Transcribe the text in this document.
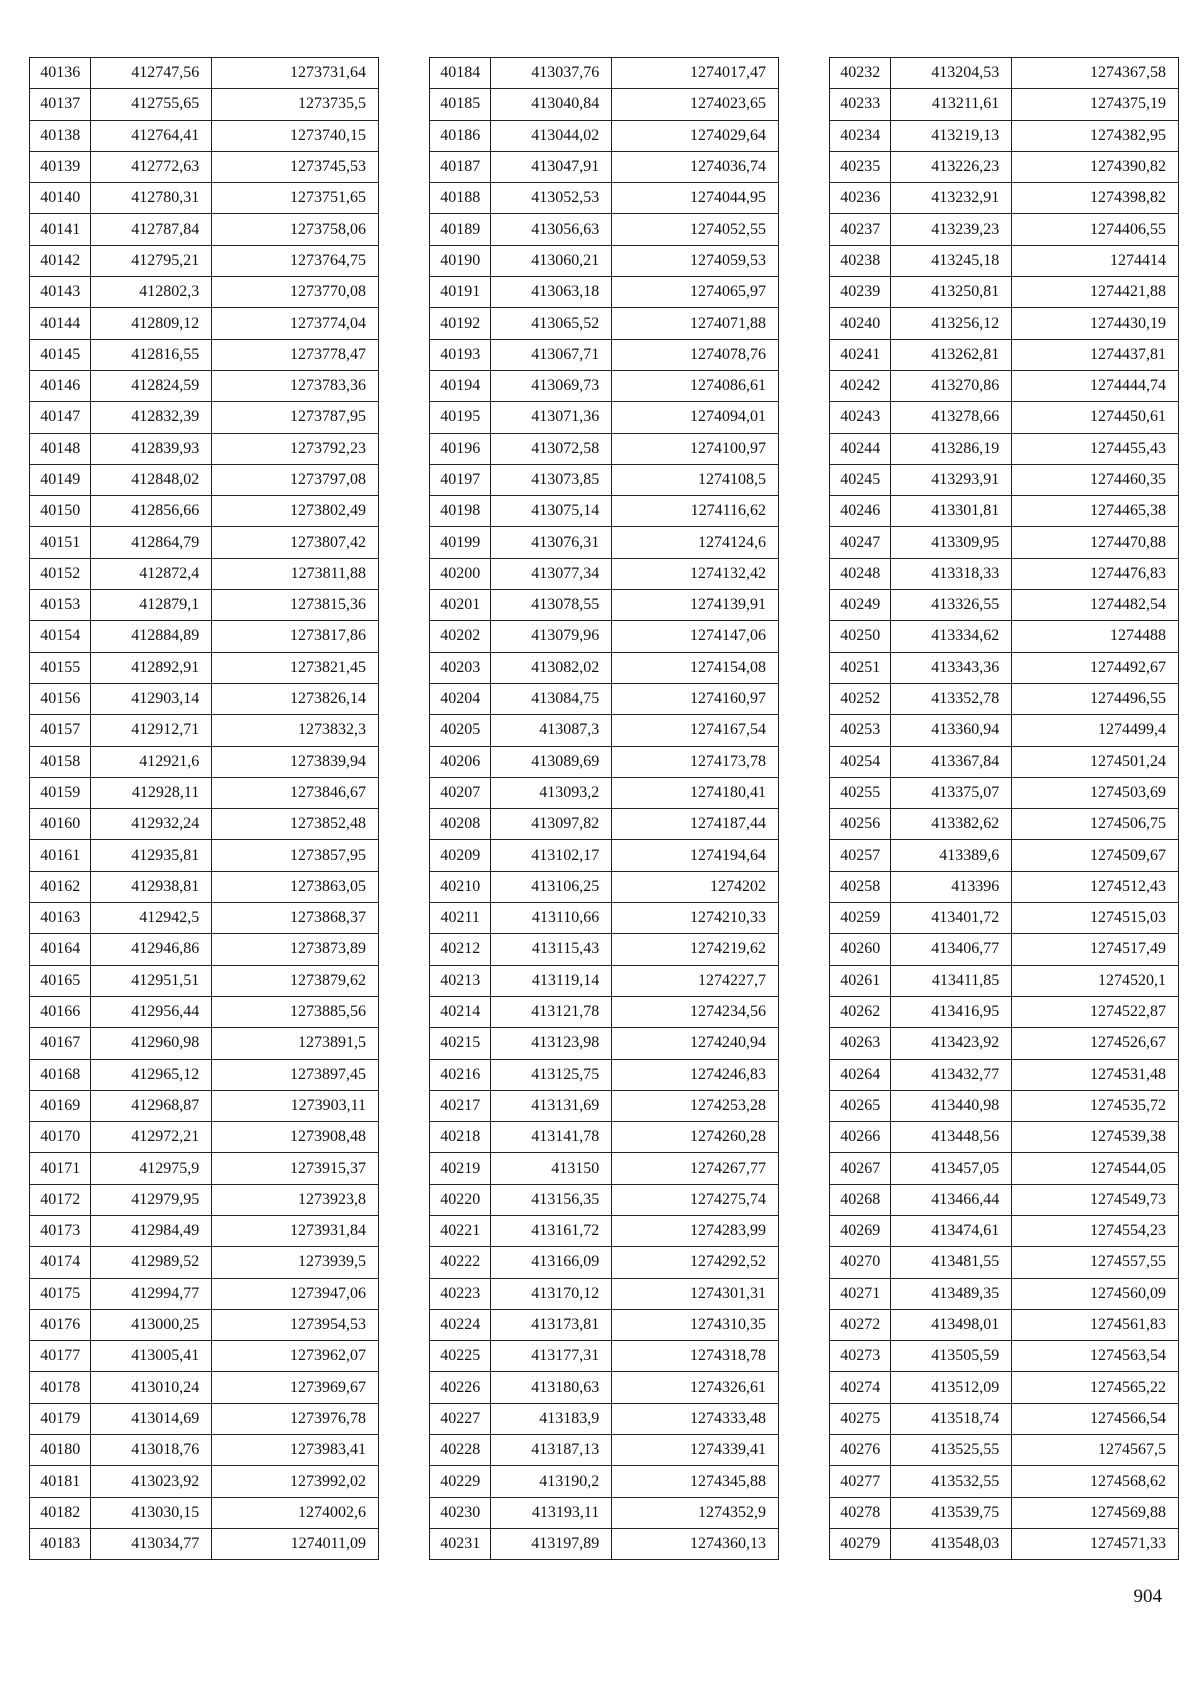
40136	412747,56	1273731,64
40137	412755,65	1273735,5
40138	412764,41	1273740,15
40139	412772,63	1273745,53
40140	412780,31	1273751,65
40141	412787,84	1273758,06
40142	412795,21	1273764,75
40143	412802,3	1273770,08
40144	412809,12	1273774,04
40145	412816,55	1273778,47
40146	412824,59	1273783,36
40147	412832,39	1273787,95
40148	412839,93	1273792,23
40149	412848,02	1273797,08
40150	412856,66	1273802,49
40151	412864,79	1273807,42
40152	412872,4	1273811,88
40153	412879,1	1273815,36
40154	412884,89	1273817,86
40155	412892,91	1273821,45
40156	412903,14	1273826,14
40157	412912,71	1273832,3
40158	412921,6	1273839,94
40159	412928,11	1273846,67
40160	412932,24	1273852,48
40161	412935,81	1273857,95
40162	412938,81	1273863,05
40163	412942,5	1273868,37
40164	412946,86	1273873,89
40165	412951,51	1273879,62
40166	412956,44	1273885,56
40167	412960,98	1273891,5
40168	412965,12	1273897,45
40169	412968,87	1273903,11
40170	412972,21	1273908,48
40171	412975,9	1273915,37
40172	412979,95	1273923,8
40173	412984,49	1273931,84
40174	412989,52	1273939,5
40175	412994,77	1273947,06
40176	413000,25	1273954,53
40177	413005,41	1273962,07
40178	413010,24	1273969,67
40179	413014,69	1273976,78
40180	413018,76	1273983,41
40181	413023,92	1273992,02
40182	413030,15	1274002,6
40183	413034,77	1274011,09
40184	413037,76	1274017,47
40185	413040,84	1274023,65
40186	413044,02	1274029,64
40187	413047,91	1274036,74
40188	413052,53	1274044,95
40189	413056,63	1274052,55
40190	413060,21	1274059,53
40191	413063,18	1274065,97
40192	413065,52	1274071,88
40193	413067,71	1274078,76
40194	413069,73	1274086,61
40195	413071,36	1274094,01
40196	413072,58	1274100,97
40197	413073,85	1274108,5
40198	413075,14	1274116,62
40199	413076,31	1274124,6
40200	413077,34	1274132,42
40201	413078,55	1274139,91
40202	413079,96	1274147,06
40203	413082,02	1274154,08
40204	413084,75	1274160,97
40205	413087,3	1274167,54
40206	413089,69	1274173,78
40207	413093,2	1274180,41
40208	413097,82	1274187,44
40209	413102,17	1274194,64
40210	413106,25	1274202
40211	413110,66	1274210,33
40212	413115,43	1274219,62
40213	413119,14	1274227,7
40214	413121,78	1274234,56
40215	413123,98	1274240,94
40216	413125,75	1274246,83
40217	413131,69	1274253,28
40218	413141,78	1274260,28
40219	413150	1274267,77
40220	413156,35	1274275,74
40221	413161,72	1274283,99
40222	413166,09	1274292,52
40223	413170,12	1274301,31
40224	413173,81	1274310,35
40225	413177,31	1274318,78
40226	413180,63	1274326,61
40227	413183,9	1274333,48
40228	413187,13	1274339,41
40229	413190,2	1274345,88
40230	413193,11	1274352,9
40231	413197,89	1274360,13
40232	413204,53	1274367,58
40233	413211,61	1274375,19
40234	413219,13	1274382,95
40235	413226,23	1274390,82
40236	413232,91	1274398,82
40237	413239,23	1274406,55
40238	413245,18	1274414
40239	413250,81	1274421,88
40240	413256,12	1274430,19
40241	413262,81	1274437,81
40242	413270,86	1274444,74
40243	413278,66	1274450,61
40244	413286,19	1274455,43
40245	413293,91	1274460,35
40246	413301,81	1274465,38
40247	413309,95	1274470,88
40248	413318,33	1274476,83
40249	413326,55	1274482,54
40250	413334,62	1274488
40251	413343,36	1274492,67
40252	413352,78	1274496,55
40253	413360,94	1274499,4
40254	413367,84	1274501,24
40255	413375,07	1274503,69
40256	413382,62	1274506,75
40257	413389,6	1274509,67
40258	413396	1274512,43
40259	413401,72	1274515,03
40260	413406,77	1274517,49
40261	413411,85	1274520,1
40262	413416,95	1274522,87
40263	413423,92	1274526,67
40264	413432,77	1274531,48
40265	413440,98	1274535,72
40266	413448,56	1274539,38
40267	413457,05	1274544,05
40268	413466,44	1274549,73
40269	413474,61	1274554,23
40270	413481,55	1274557,55
40271	413489,35	1274560,09
40272	413498,01	1274561,83
40273	413505,59	1274563,54
40274	413512,09	1274565,22
40275	413518,74	1274566,54
40276	413525,55	1274567,5
40277	413532,55	1274568,62
40278	413539,75	1274569,88
40279	413548,03	1274571,33
904
